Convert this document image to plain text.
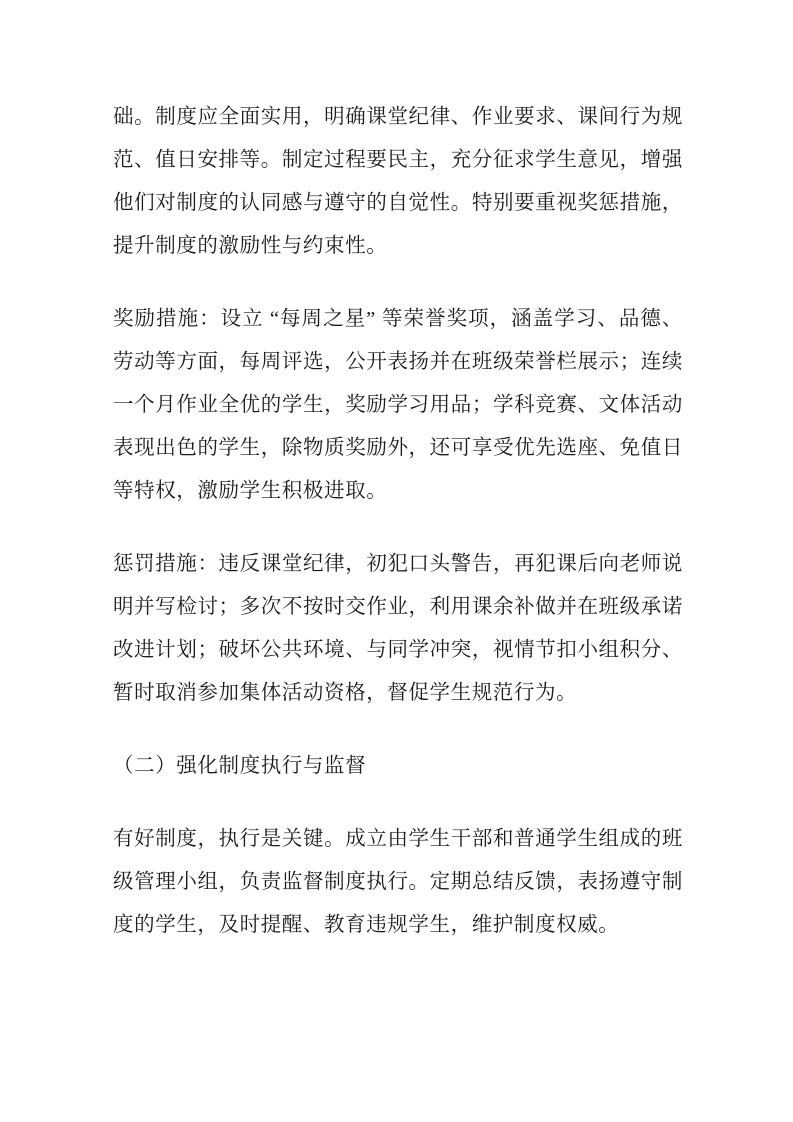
础。制度应全面实用，明确课堂纪律、作业要求、课间行为规范、值日安排等。制定过程要民主，充分征求学生意见，增强他们对制度的认同感与遵守的自觉性。特别要重视奖惩措施，提升制度的激励性与约束性。

奖励措施：设立 “每周之星” 等荣誉奖项，涵盖学习、品德、劳动等方面，每周评选，公开表扬并在班级荣誉栏展示；连续一个月作业全优的学生，奖励学习用品；学科竞赛、文体活动表现出色的学生，除物质奖励外，还可享受优先选座、免值日等特权，激励学生积极进取。

惩罚措施：违反课堂纪律，初犯口头警告，再犯课后向老师说明并写检讨；多次不按时交作业，利用课余补做并在班级承诺改进计划；破坏公共环境、与同学冲突，视情节扣小组积分、暂时取消参加集体活动资格，督促学生规范行为。

（二）强化制度执行与监督

有好制度，执行是关键。成立由学生干部和普通学生组成的班级管理小组，负责监督制度执行。定期总结反馈，表扬遵守制度的学生，及时提醒、教育违规学生，维护制度权威。
